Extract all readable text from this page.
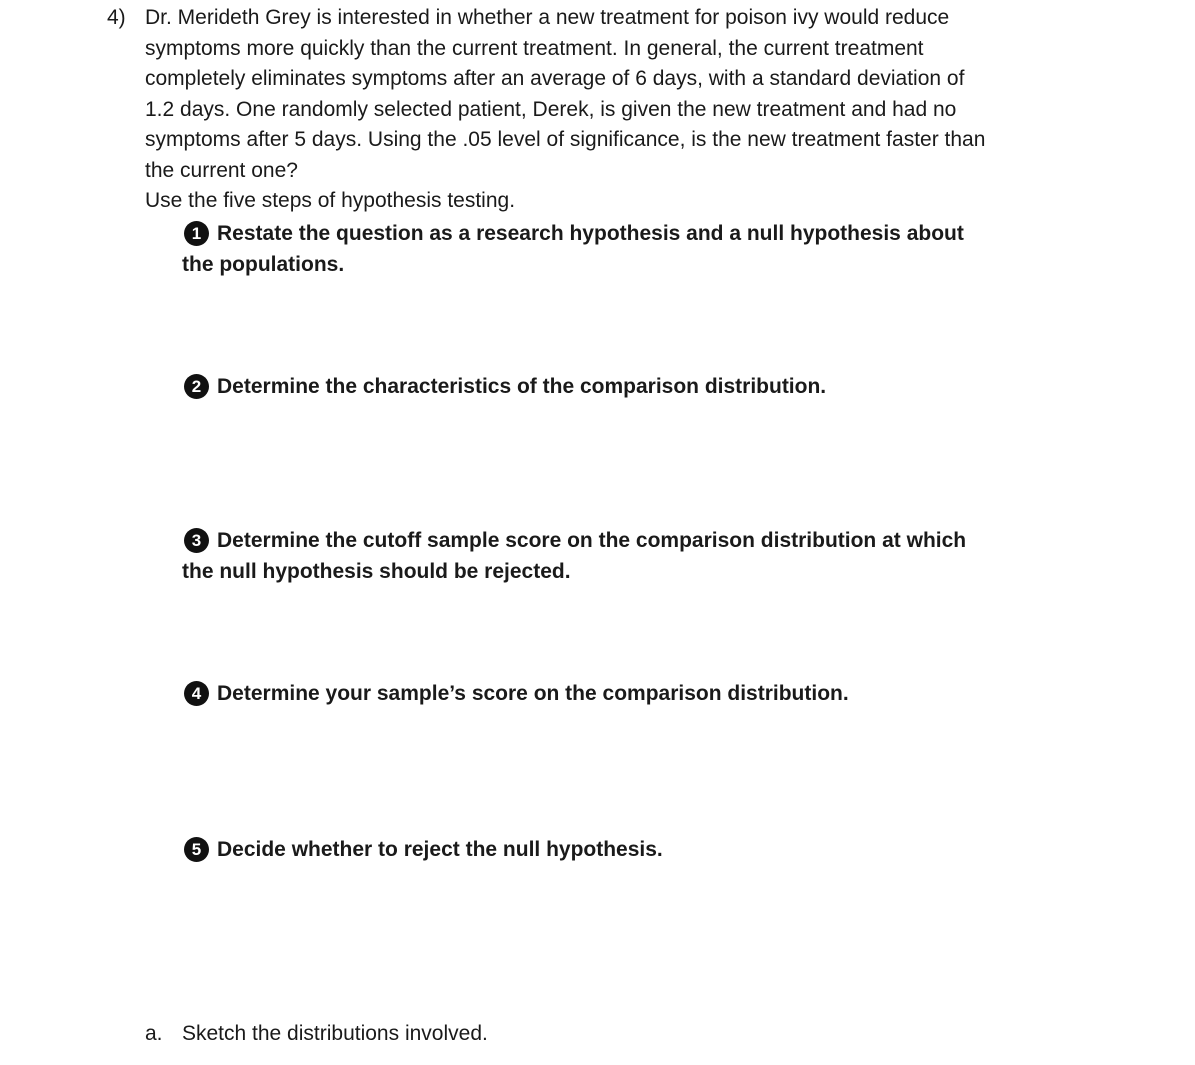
4) Dr. Merideth Grey is interested in whether a new treatment for poison ivy would reduce

symptoms more quickly than the current treatment. In general, the current treatment

completely eliminates symptoms after an average of 6 days, with a standard deviation of

1.2 days. One randomly selected patient, Derek, is given the new treatment and had no

symptoms after 5 days. Using the .05 level of significance, is the new treatment faster than

the current one?

Use the five steps of hypothesis testing.

1 Restate the question as a research hypothesis and a null hypothesis about
the populations.
2 Determine the characteristics of the comparison distribution.
3 Determine the cutoff sample score on the comparison distribution at which
the null hypothesis should be rejected.
4 Determine your sample’s score on the comparison distribution.
5 Decide whether to reject the null hypothesis.
a. Sketch the distributions involved.
